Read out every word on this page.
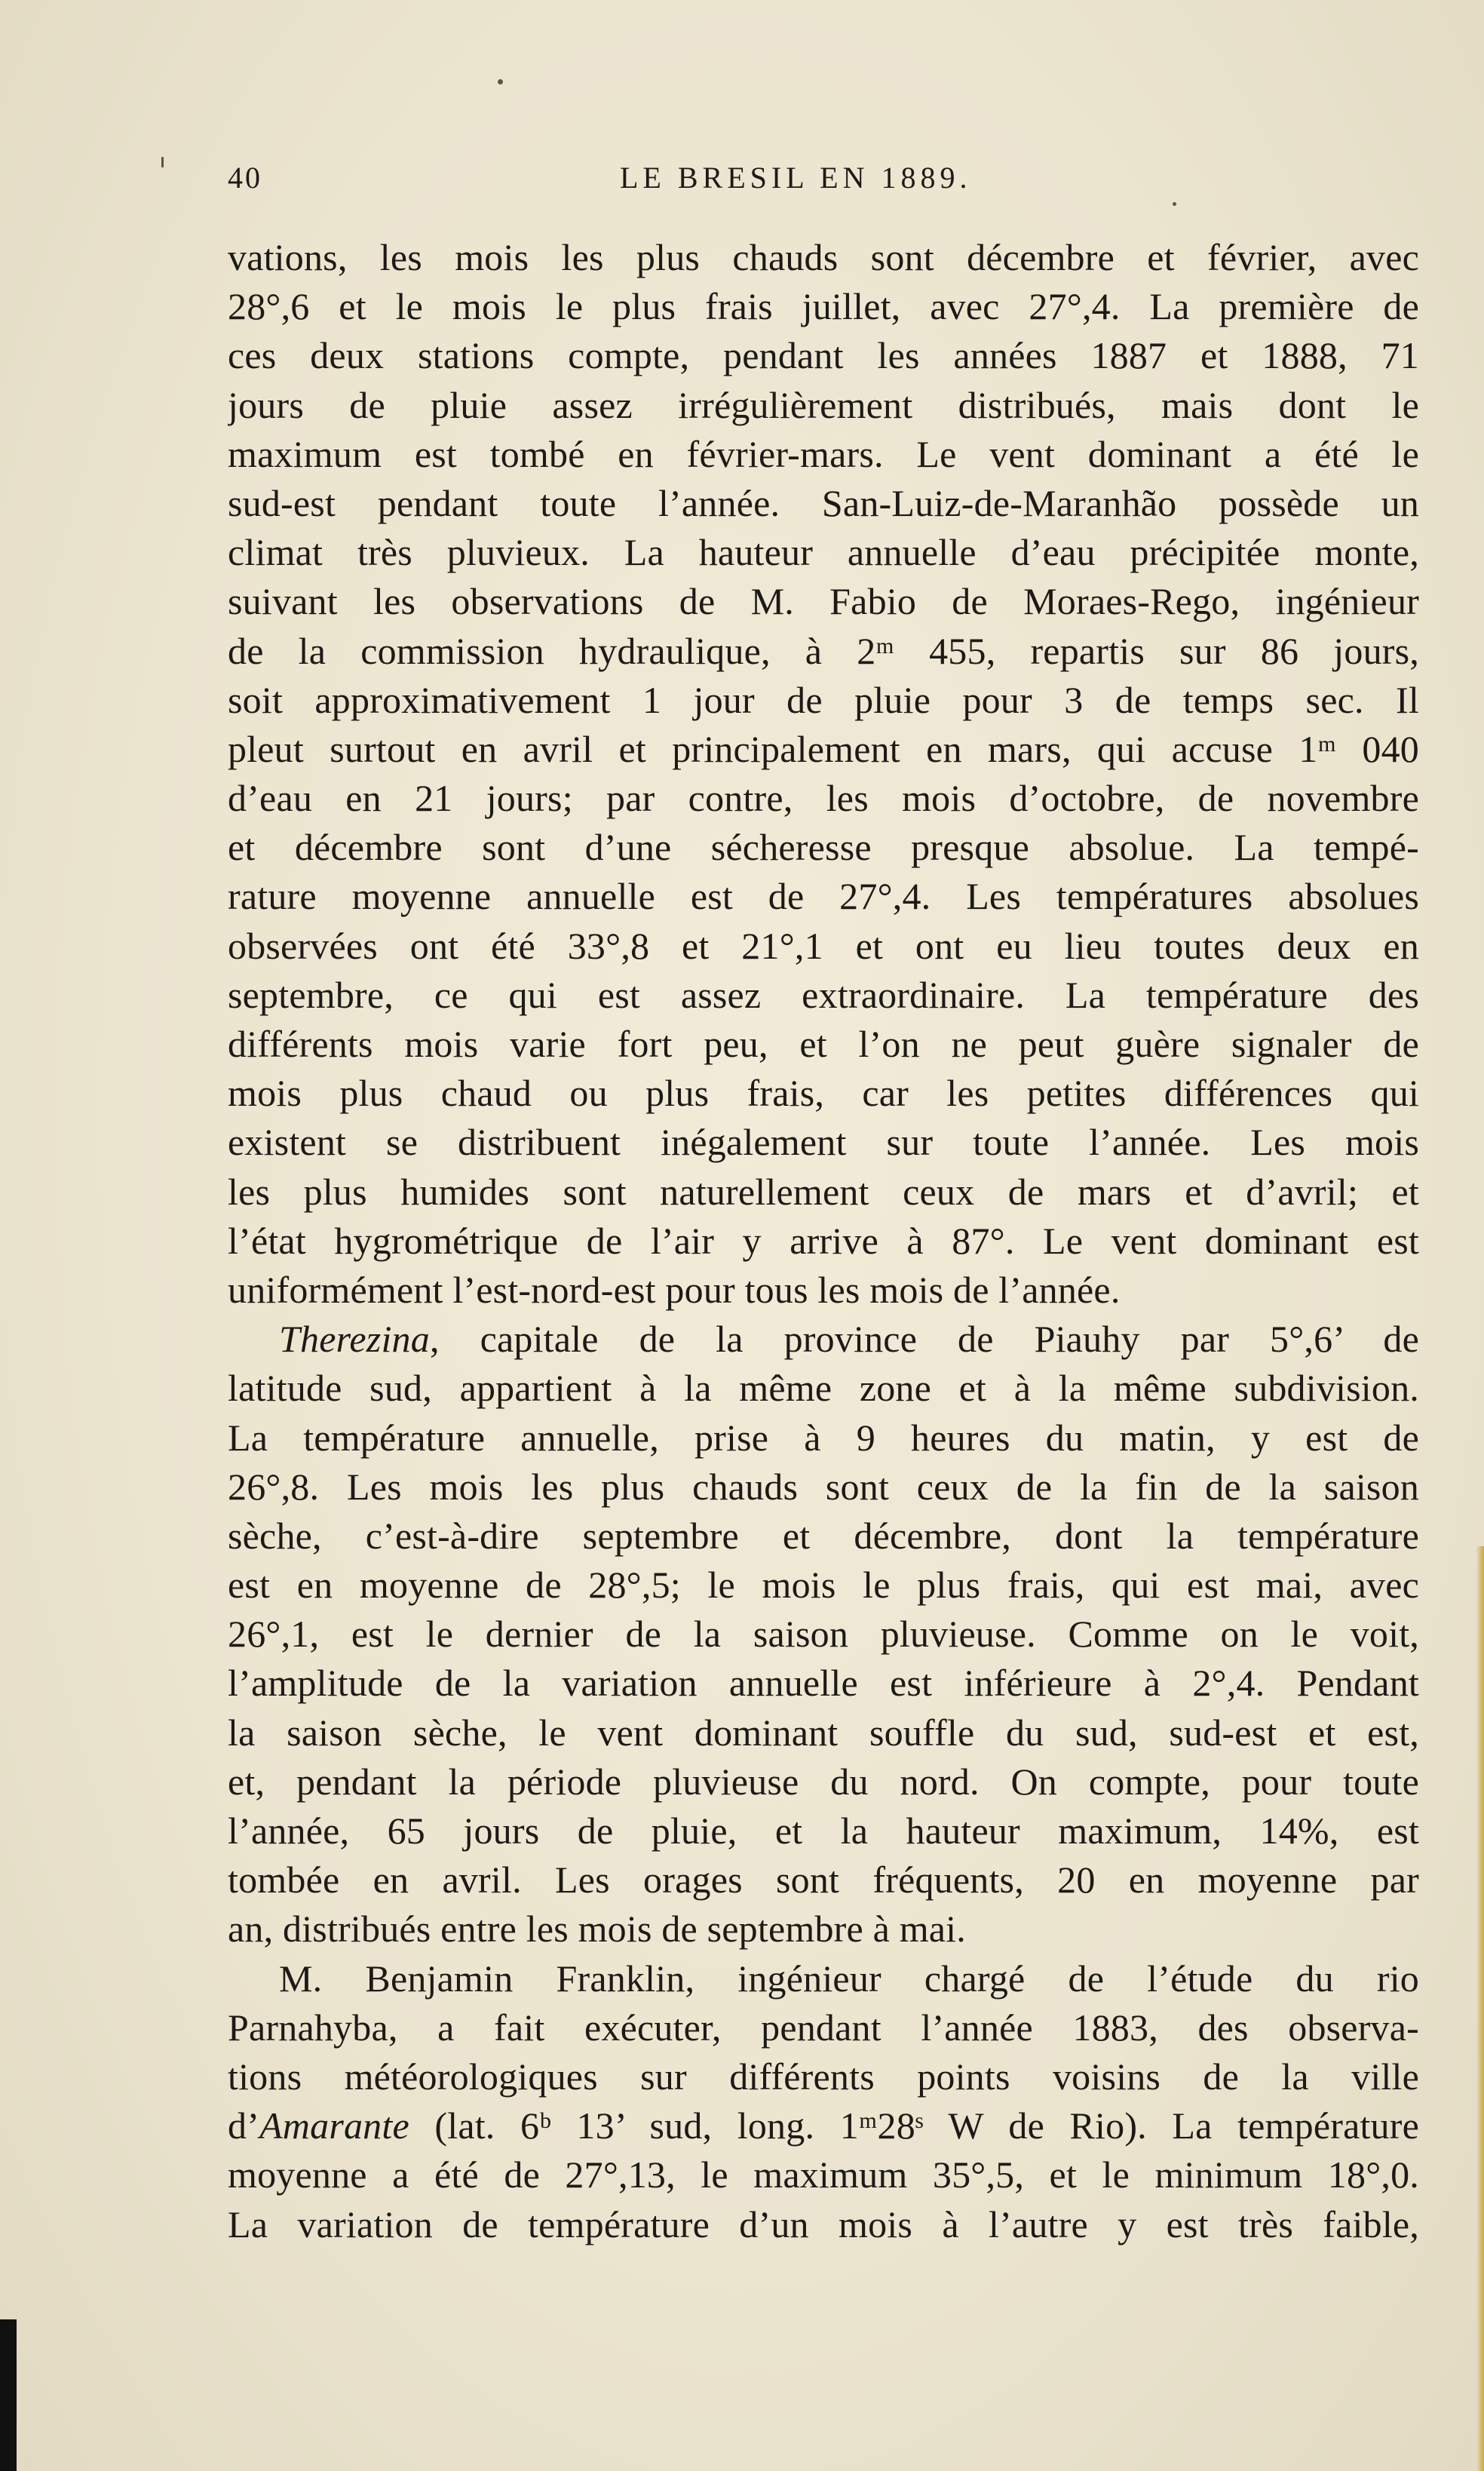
40	LE BRESIL EN 1889.
vations, les mois les plus chauds sont décembre et février, avec
28°,6 et le mois le plus frais juillet, avec 27°,4. La première de
ces deux stations compte, pendant les années 1887 et 1888, 71
jours de pluie assez irrégulièrement distribués, mais dont le
maximum est tombé en février-mars. Le vent dominant a été le
sud-est pendant toute l’année. San-Luiz-de-Maranhão possède un
climat très pluvieux. La hauteur annuelle d’eau précipitée monte,
suivant les observations de M. Fabio de Moraes-Rego, ingénieur
de la commission hydraulique, à 2ᵐ 455, repartis sur 86 jours,
soit approximativement 1 jour de pluie pour 3 de temps sec. Il
pleut surtout en avril et principalement en mars, qui accuse 1ᵐ 040
d’eau en 21 jours; par contre, les mois d’octobre, de novembre
et décembre sont d’une sécheresse presque absolue. La tempé-
rature moyenne annuelle est de 27°,4. Les températures absolues
observées ont été 33°,8 et 21°,1 et ont eu lieu toutes deux en
septembre, ce qui est assez extraordinaire. La température des
différents mois varie fort peu, et l’on ne peut guère signaler de
mois plus chaud ou plus frais, car les petites différences qui
existent se distribuent inégalement sur toute l’année. Les mois
les plus humides sont naturellement ceux de mars et d’avril; et
l’état hygrométrique de l’air y arrive à 87°. Le vent dominant est
uniformément l’est-nord-est pour tous les mois de l’année.
Therezina, capitale de la province de Piauhy par 5°,6’ de
latitude sud, appartient à la même zone et à la même subdivision.
La température annuelle, prise à 9 heures du matin, y est de
26°,8. Les mois les plus chauds sont ceux de la fin de la saison
sèche, c’est-à-dire septembre et décembre, dont la température
est en moyenne de 28°,5; le mois le plus frais, qui est mai, avec
26°,1, est le dernier de la saison pluvieuse. Comme on le voit,
l’amplitude de la variation annuelle est inférieure à 2°,4. Pendant
la saison sèche, le vent dominant souffle du sud, sud-est et est,
et, pendant la période pluvieuse du nord. On compte, pour toute
l’année, 65 jours de pluie, et la hauteur maximum, 14%, est
tombée en avril. Les orages sont fréquents, 20 en moyenne par
an, distribués entre les mois de septembre à mai.
M. Benjamin Franklin, ingénieur chargé de l’étude du rio
Parnahyba, a fait exécuter, pendant l’année 1883, des observa-
tions météorologiques sur différents points voisins de la ville
d’Amarante (lat. 6ᵇ 13’ sud, long. 1ᵐ28ˢ W de Rio). La température
moyenne a été de 27°,13, le maximum 35°,5, et le minimum 18°,0.
La variation de température d’un mois à l’autre y est très faible,
